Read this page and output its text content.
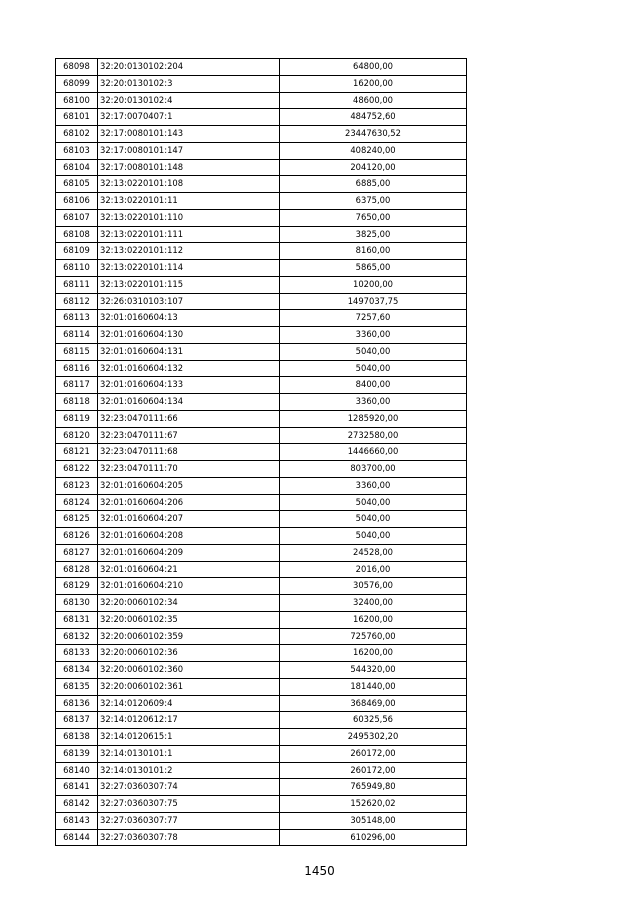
68098	32:20:0130102:204	64800,00
68099	32:20:0130102:3	16200,00
68100	32:20:0130102:4	48600,00
68101	32:17:0070407:1	484752,60
68102	32:17:0080101:143	23447630,52
68103	32:17:0080101:147	408240,00
68104	32:17:0080101:148	204120,00
68105	32:13:0220101:108	6885,00
68106	32:13:0220101:11	6375,00
68107	32:13:0220101:110	7650,00
68108	32:13:0220101:111	3825,00
68109	32:13:0220101:112	8160,00
68110	32:13:0220101:114	5865,00
68111	32:13:0220101:115	10200,00
68112	32:26:0310103:107	1497037,75
68113	32:01:0160604:13	7257,60
68114	32:01:0160604:130	3360,00
68115	32:01:0160604:131	5040,00
68116	32:01:0160604:132	5040,00
68117	32:01:0160604:133	8400,00
68118	32:01:0160604:134	3360,00
68119	32:23:0470111:66	1285920,00
68120	32:23:0470111:67	2732580,00
68121	32:23:0470111:68	1446660,00
68122	32:23:0470111:70	803700,00
68123	32:01:0160604:205	3360,00
68124	32:01:0160604:206	5040,00
68125	32:01:0160604:207	5040,00
68126	32:01:0160604:208	5040,00
68127	32:01:0160604:209	24528,00
68128	32:01:0160604:21	2016,00
68129	32:01:0160604:210	30576,00
68130	32:20:0060102:34	32400,00
68131	32:20:0060102:35	16200,00
68132	32:20:0060102:359	725760,00
68133	32:20:0060102:36	16200,00
68134	32:20:0060102:360	544320,00
68135	32:20:0060102:361	181440,00
68136	32:14:0120609:4	368469,00
68137	32:14:0120612:17	60325,56
68138	32:14:0120615:1	2495302,20
68139	32:14:0130101:1	260172,00
68140	32:14:0130101:2	260172,00
68141	32:27:0360307:74	765949,80
68142	32:27:0360307:75	152620,02
68143	32:27:0360307:77	305148,00
68144	32:27:0360307:78	610296,00
1450
